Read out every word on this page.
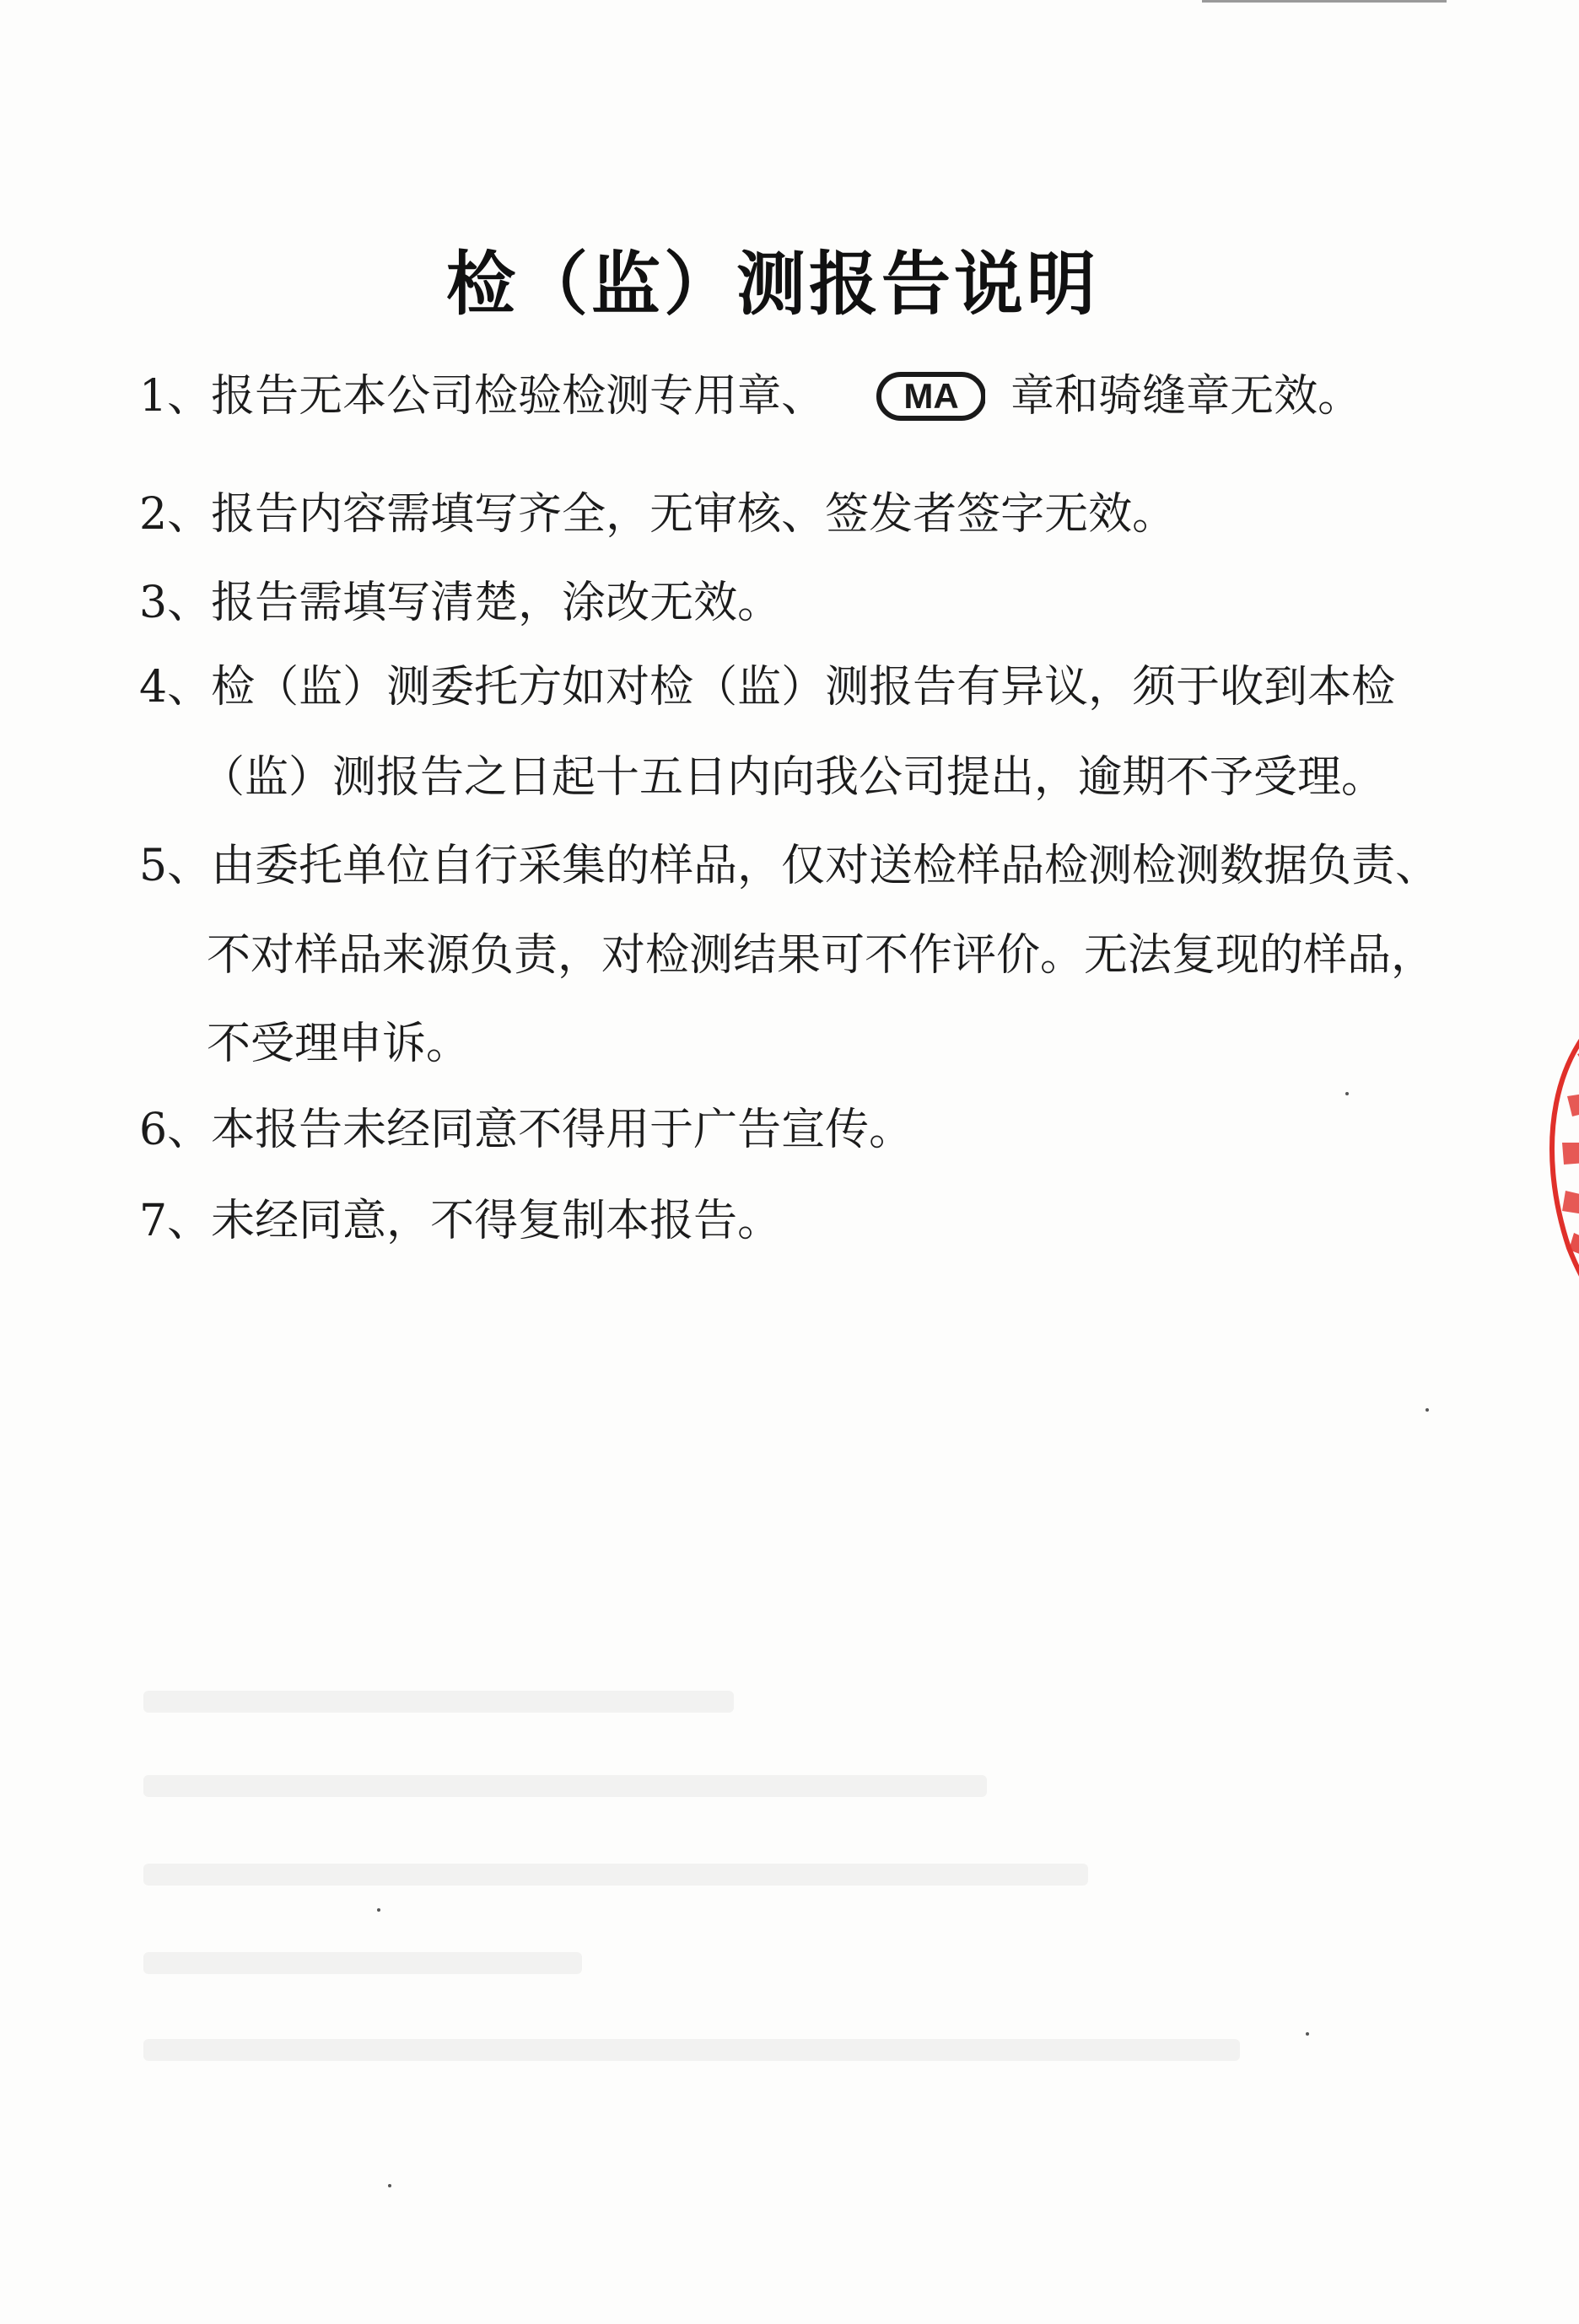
检（监）测报告说明
1、报告无本公司检验检测专用章、 MA 章和骑缝章无效。
2、报告内容需填写齐全，无审核、签发者签字无效。
3、报告需填写清楚，涂改无效。
4、检（监）测委托方如对检（监）测报告有异议，须于收到本检
（监）测报告之日起十五日内向我公司提出，逾期不予受理。
5、由委托单位自行采集的样品，仅对送检样品检测检测数据负责、
不对样品来源负责，对检测结果可不作评价。无法复现的样品，
不受理申诉。
6、本报告未经同意不得用于广告宣传。
7、未经同意，不得复制本报告。
